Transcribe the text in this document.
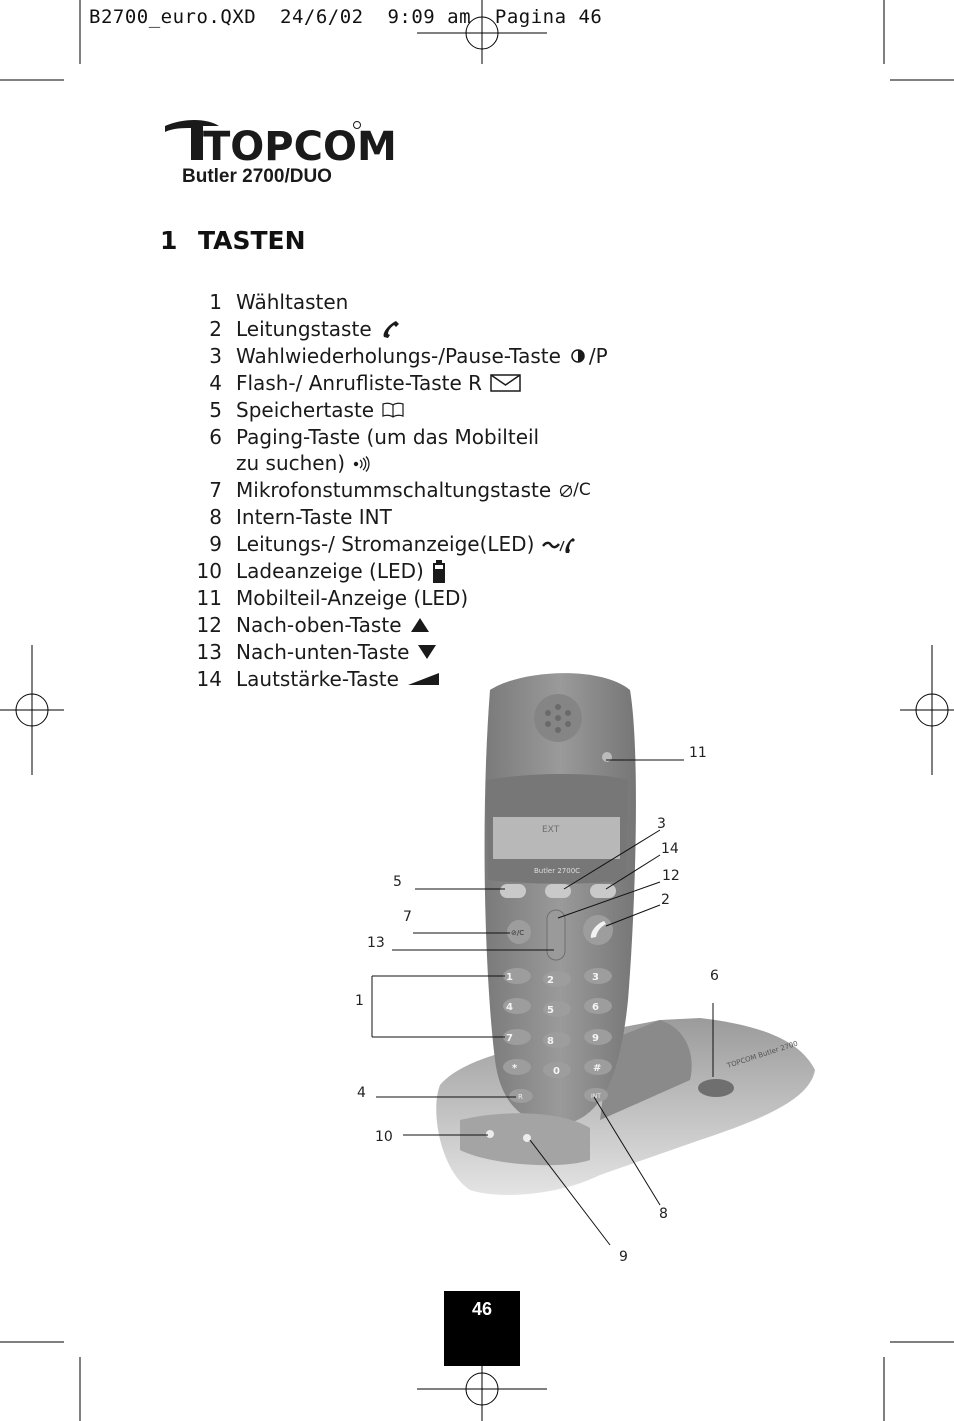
B2700_euro.QXD  24/6/02  9:09 am  Pagina 46
TOPCOM
Butler 2700/DUO
1 TASTEN
1 Wähltasten
2 Leitungstaste
3 Wahlwiederholungs-/Pause-Taste /P
4 Flash-/ Anrufliste-Taste R
5 Speichertaste
6 Paging-Taste (um das Mobilteil
zu suchen)
7 Mikrofonstummschaltungstaste /C
8 Intern-Taste INT
9 Leitungs-/ Stromanzeige(LED)
10 Ladeanzeige (LED)
11 Mobilteil-Anzeige (LED)
12 Nach-oben-Taste
13 Nach-unten-Taste
14 Lautstärke-Taste
TOPCOM Butler 2700
EXT
Butler 2700C
⊘/C
1	2	3
4	5	6
7	8	9
*	0	#
R	INT
11
3
14
12
2
5
7
13
6
1
4
10
8
9
46
